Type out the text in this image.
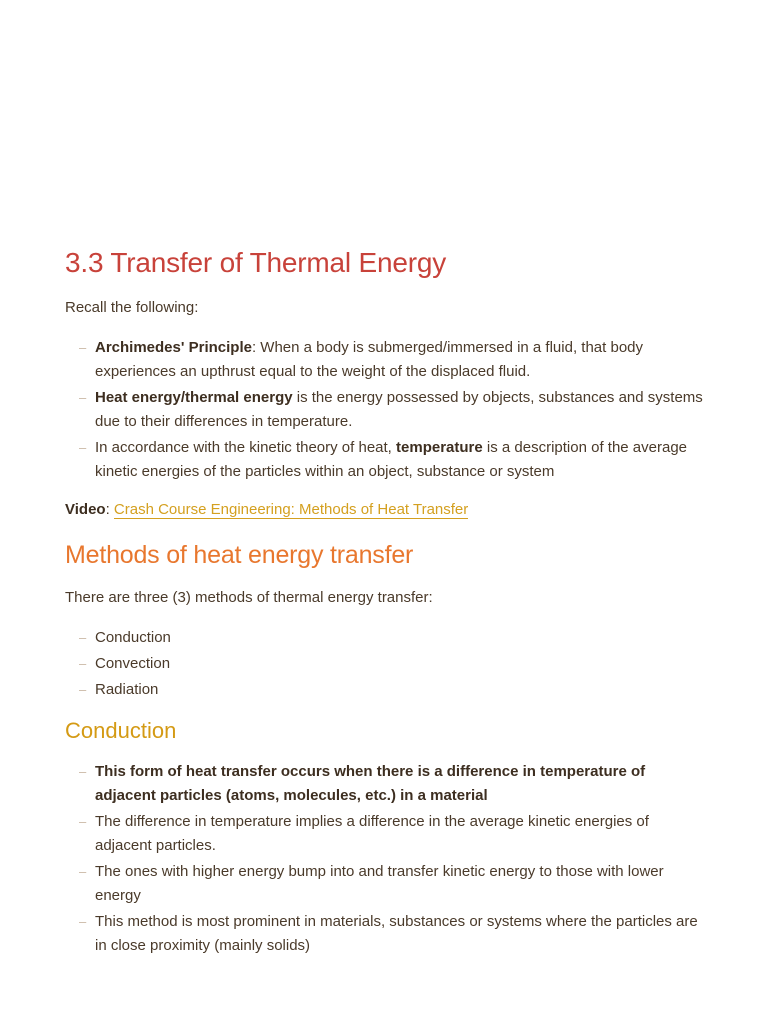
3.3 Transfer of Thermal Energy

Recall the following:

– Archimedes' Principle: When a body is submerged/immersed in a fluid, that body experiences an upthrust equal to the weight of the displaced fluid.
– Heat energy/thermal energy is the energy possessed by objects, substances and systems due to their differences in temperature.
– In accordance with the kinetic theory of heat, temperature is a description of the average kinetic energies of the particles within an object, substance or system
Video: Crash Course Engineering: Methods of Heat Transfer
Methods of heat energy transfer

There are three (3) methods of thermal energy transfer:

– Conduction
– Convection
– Radiation
Conduction
– This form of heat transfer occurs when there is a difference in temperature of adjacent particles (atoms, molecules, etc.) in a material
– The difference in temperature implies a difference in the average kinetic energies of adjacent particles.
– The ones with higher energy bump into and transfer kinetic energy to those with lower energy
– This method is most prominent in materials, substances or systems where the particles are in close proximity (mainly solids)
